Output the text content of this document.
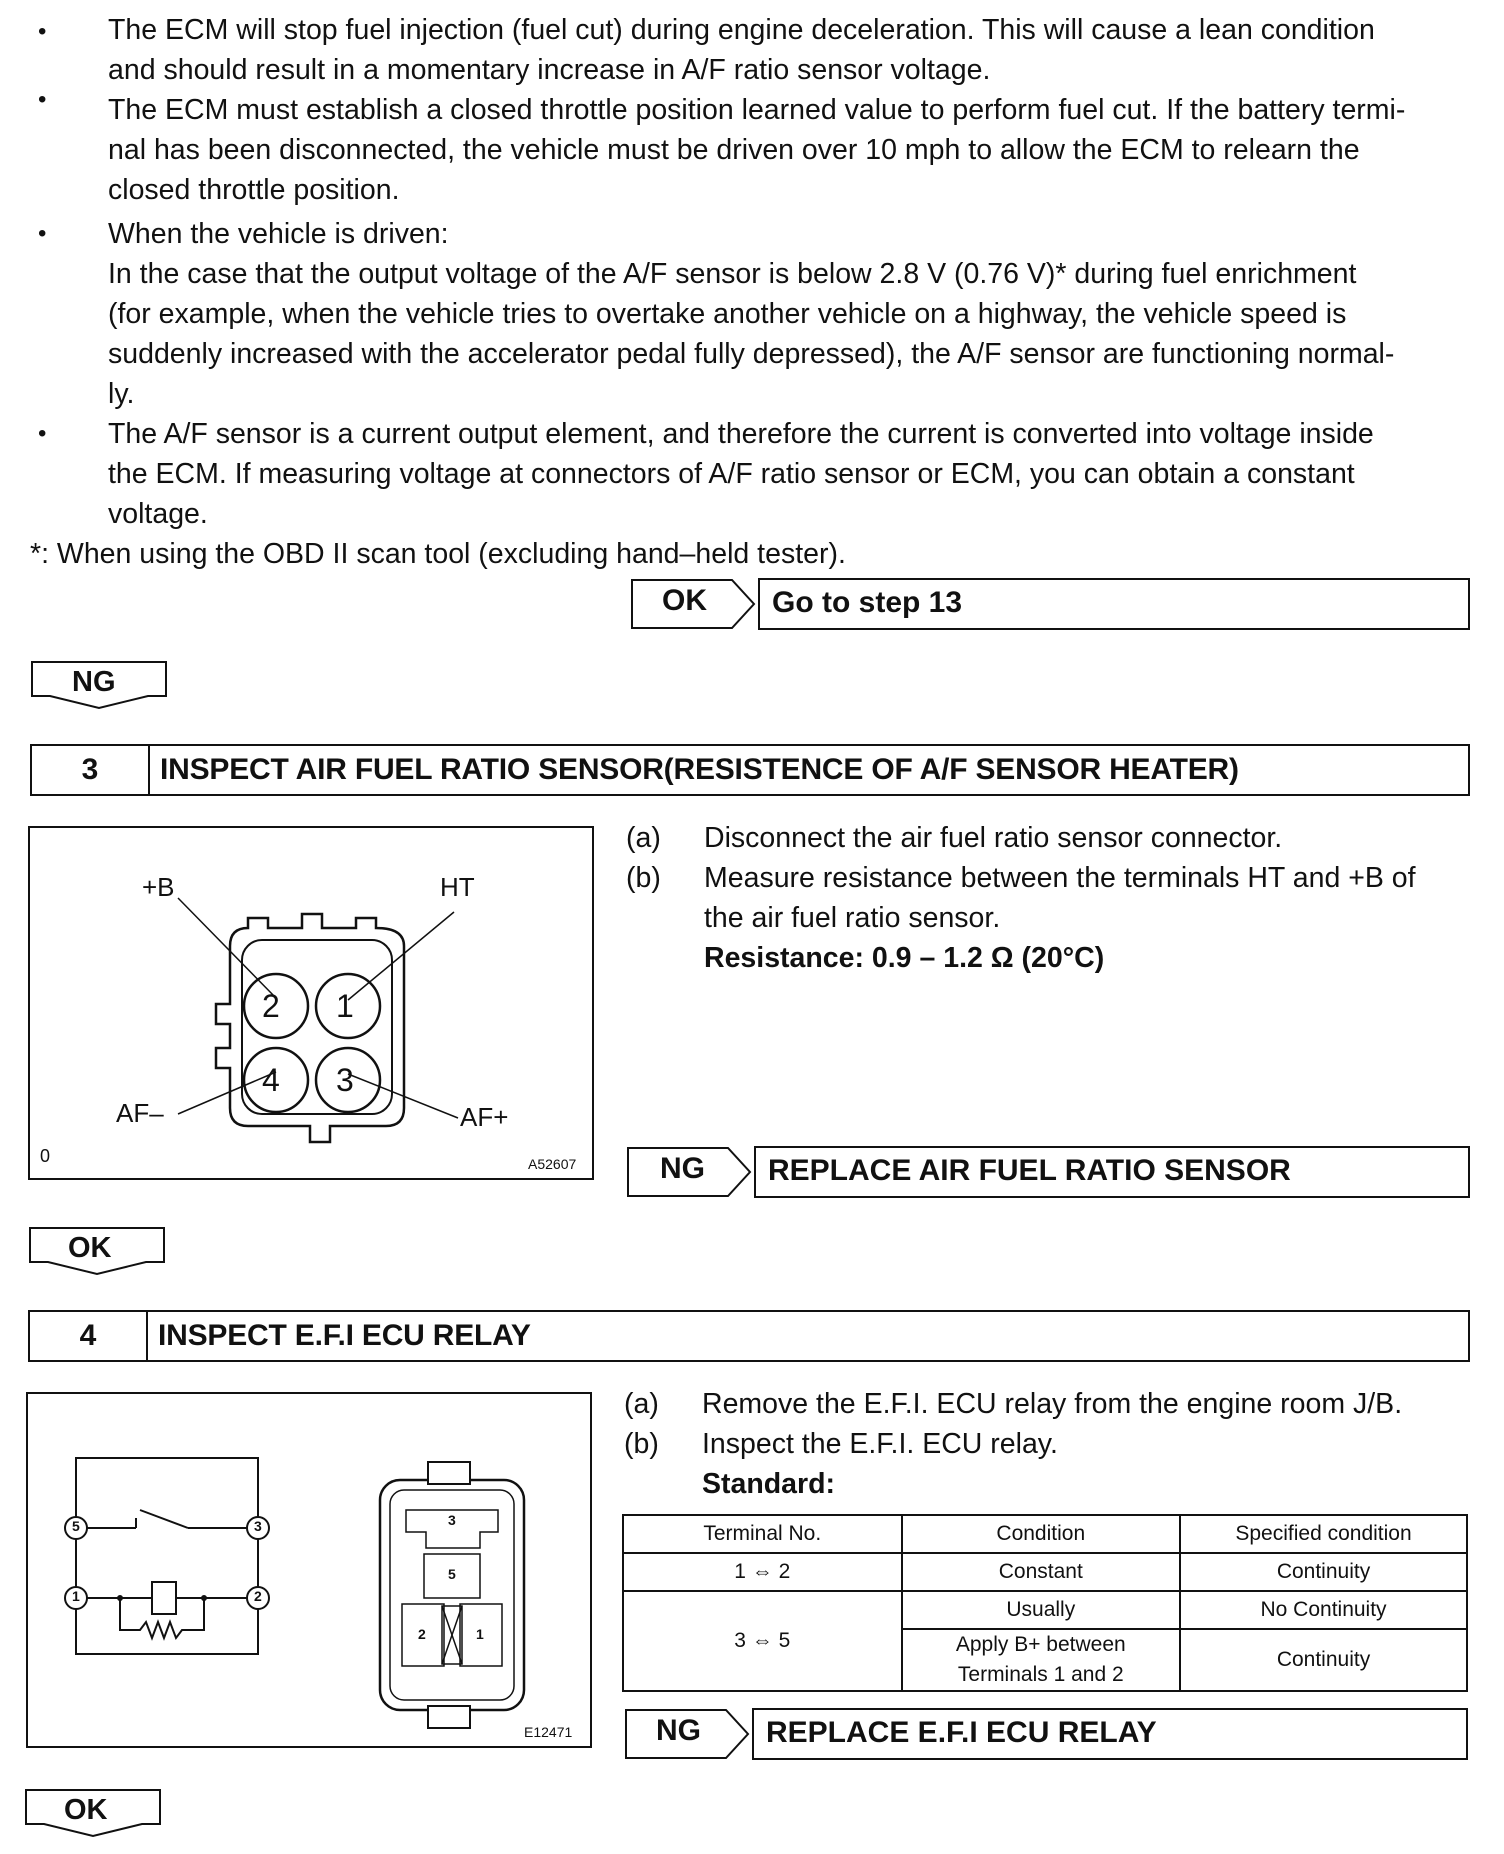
• The ECM will stop fuel injection (fuel cut) during engine deceleration. This will cause a lean condition
and should result in a momentary increase in A/F ratio sensor voltage.
• The ECM must establish a closed throttle position learned value to perform fuel cut. If the battery termi-
nal has been disconnected, the vehicle must be driven over 10 mph to allow the ECM to relearn the
closed throttle position.
• When the vehicle is driven:
In the case that the output voltage of the A/F sensor is below 2.8 V (0.76 V)* during fuel enrichment
(for example, when the vehicle tries to overtake another vehicle on a highway, the vehicle speed is
suddenly increased with the accelerator pedal fully depressed), the A/F sensor are functioning normal-
ly.
• The A/F sensor is a current output element, and therefore the current is converted into voltage inside
the ECM. If measuring voltage at connectors of A/F ratio sensor or ECM, you can obtain a constant
voltage.
*: When using the OBD II scan tool (excluding hand–held tester).
OK Go to step 13
NG
3	INSPECT AIR FUEL RATIO SENSOR(RESISTENCE OF A/F SENSOR HEATER)
2 1
4 3
+B	HT
AF–	AF+
0	A52607
(a) Disconnect the air fuel ratio sensor connector.
(b) Measure resistance between the terminals HT and +B of
the air fuel ratio sensor.
Resistance: 0.9 – 1.2 Ω (20°C)
NG REPLACE AIR FUEL RATIO SENSOR
OK
4	INSPECT E.F.I ECU RELAY
5	3
1	2
3
5
2	1
E12471
(a) Remove the E.F.I. ECU relay from the engine room J/B.
(b) Inspect the E.F.I. ECU relay.
Standard:
Terminal No.	Condition	Specified condition
1 ⇔ 2	Constant	Continuity
3 ⇔ 5	Usually	No Continuity

	Apply B+ between
Terminals 1 and 2	Continuity
NG REPLACE E.F.I ECU RELAY
OK
